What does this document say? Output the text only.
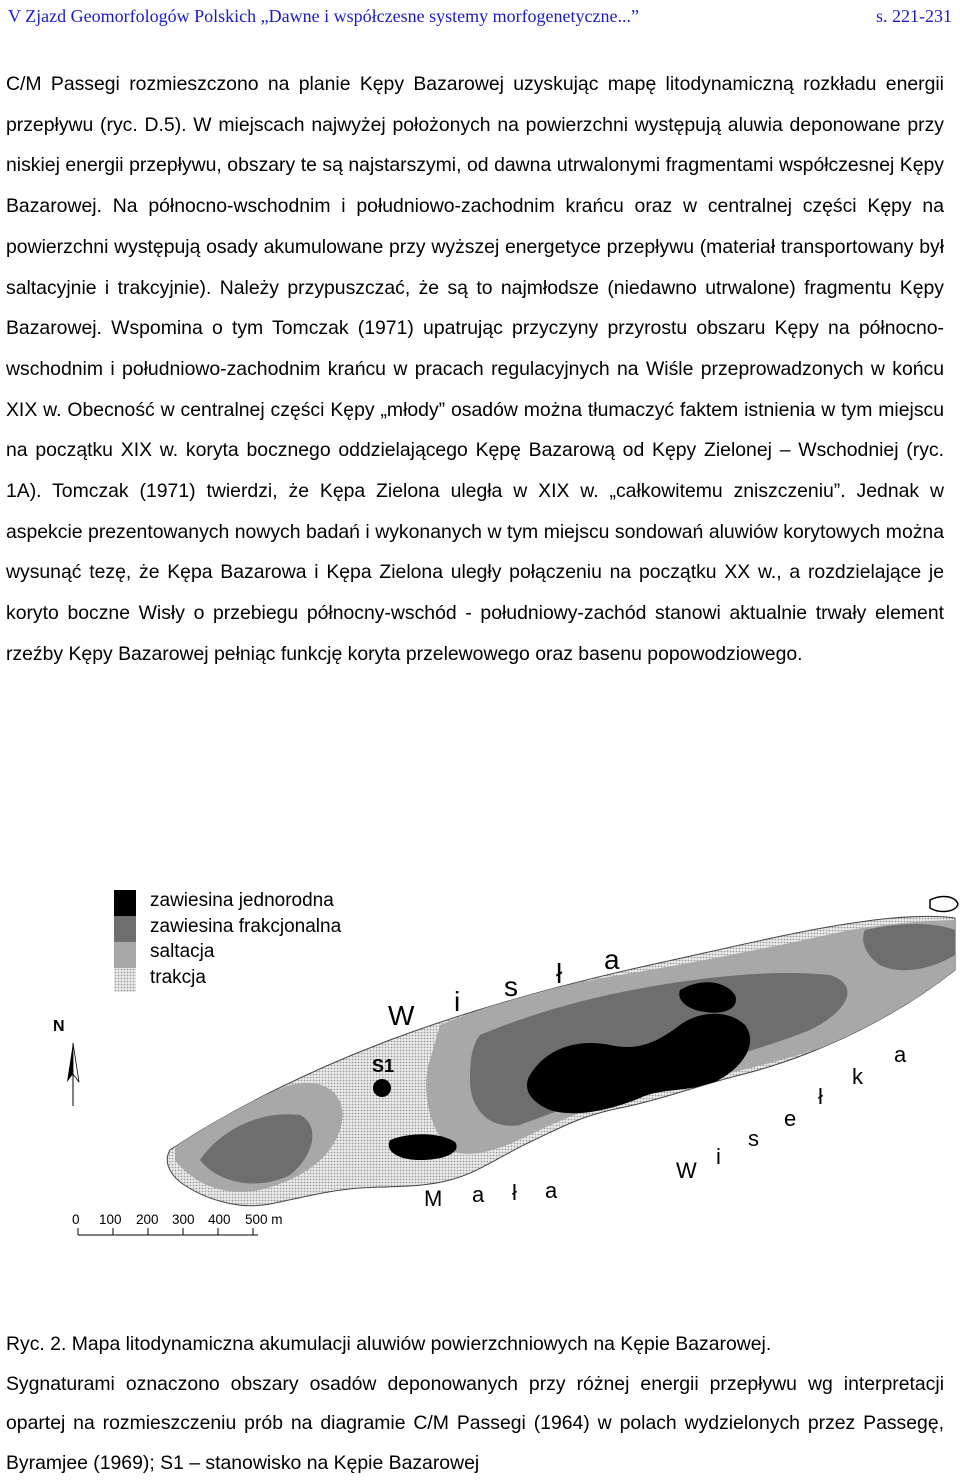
V Zjazd Geomorfologów Polskich „Dawne i współczesne systemy morfogenetyczne...”	s. 221-231

C/M Passegi rozmieszczono na planie Kępy Bazarowej uzyskując mapę litodynamiczną rozkładu energii przepływu (ryc. D.5). W miejscach najwyżej położonych na powierzchni występują aluwia deponowane przy niskiej energii przepływu, obszary te są najstarszymi, od dawna utrwalonymi fragmentami współczesnej Kępy Bazarowej. Na północno-wschodnim i południowo-zachodnim krańcu oraz w centralnej części Kępy na powierzchni występują osady akumulowane przy wyższej energetyce przepływu (materiał transportowany był saltacyjnie i trakcyjnie). Należy przypuszczać, że są to najmłodsze (niedawno utrwalone) fragmentu Kępy Bazarowej. Wspomina o tym Tomczak (1971) upatrując przyczyny przyrostu obszaru Kępy na północno-wschodnim i południowo-zachodnim krańcu w pracach regulacyjnych na Wiśle przeprowadzonych w końcu XIX w. Obecność w centralnej części Kępy „młody” osadów można tłumaczyć faktem istnienia w tym miejscu na początku XIX w. koryta bocznego oddzielającego Kępę Bazarową od Kępy Zielonej – Wschodniej (ryc. 1A). Tomczak (1971) twierdzi, że Kępa Zielona uległa w XIX w. „całkowitemu zniszczeniu”. Jednak w aspekcie prezentowanych nowych badań i wykonanych w tym miejscu sondowań aluwiów korytowych można wysunąć tezę, że Kępa Bazarowa i Kępa Zielona uległy połączeniu na początku XX w., a rozdzielające je koryto boczne Wisły o przebiegu północny-wschód - południowy-zachód stanowi aktualnie trwały element rzeźby Kępy Bazarowej pełniąc funkcję koryta przelewowego oraz basenu popowodziowego.

zawiesina jednorodna
zawiesina frakcjonalna
saltacja
trakcja
N
S1
W i s ł a
W
i
s
e
ł
k
a
M a ł a
0 100 200 300 400 500 m

Ryc. 2. Mapa litodynamiczna akumulacji aluwiów powierzchniowych na Kępie Bazarowej.

Sygnaturami oznaczono obszary osadów deponowanych przy różnej energii przepływu wg interpretacji opartej na rozmieszczeniu prób na diagramie C/M Passegi (1964) w polach wydzielonych przez Passegę, Byramjee (1969); S1 – stanowisko na Kępie Bazarowej
